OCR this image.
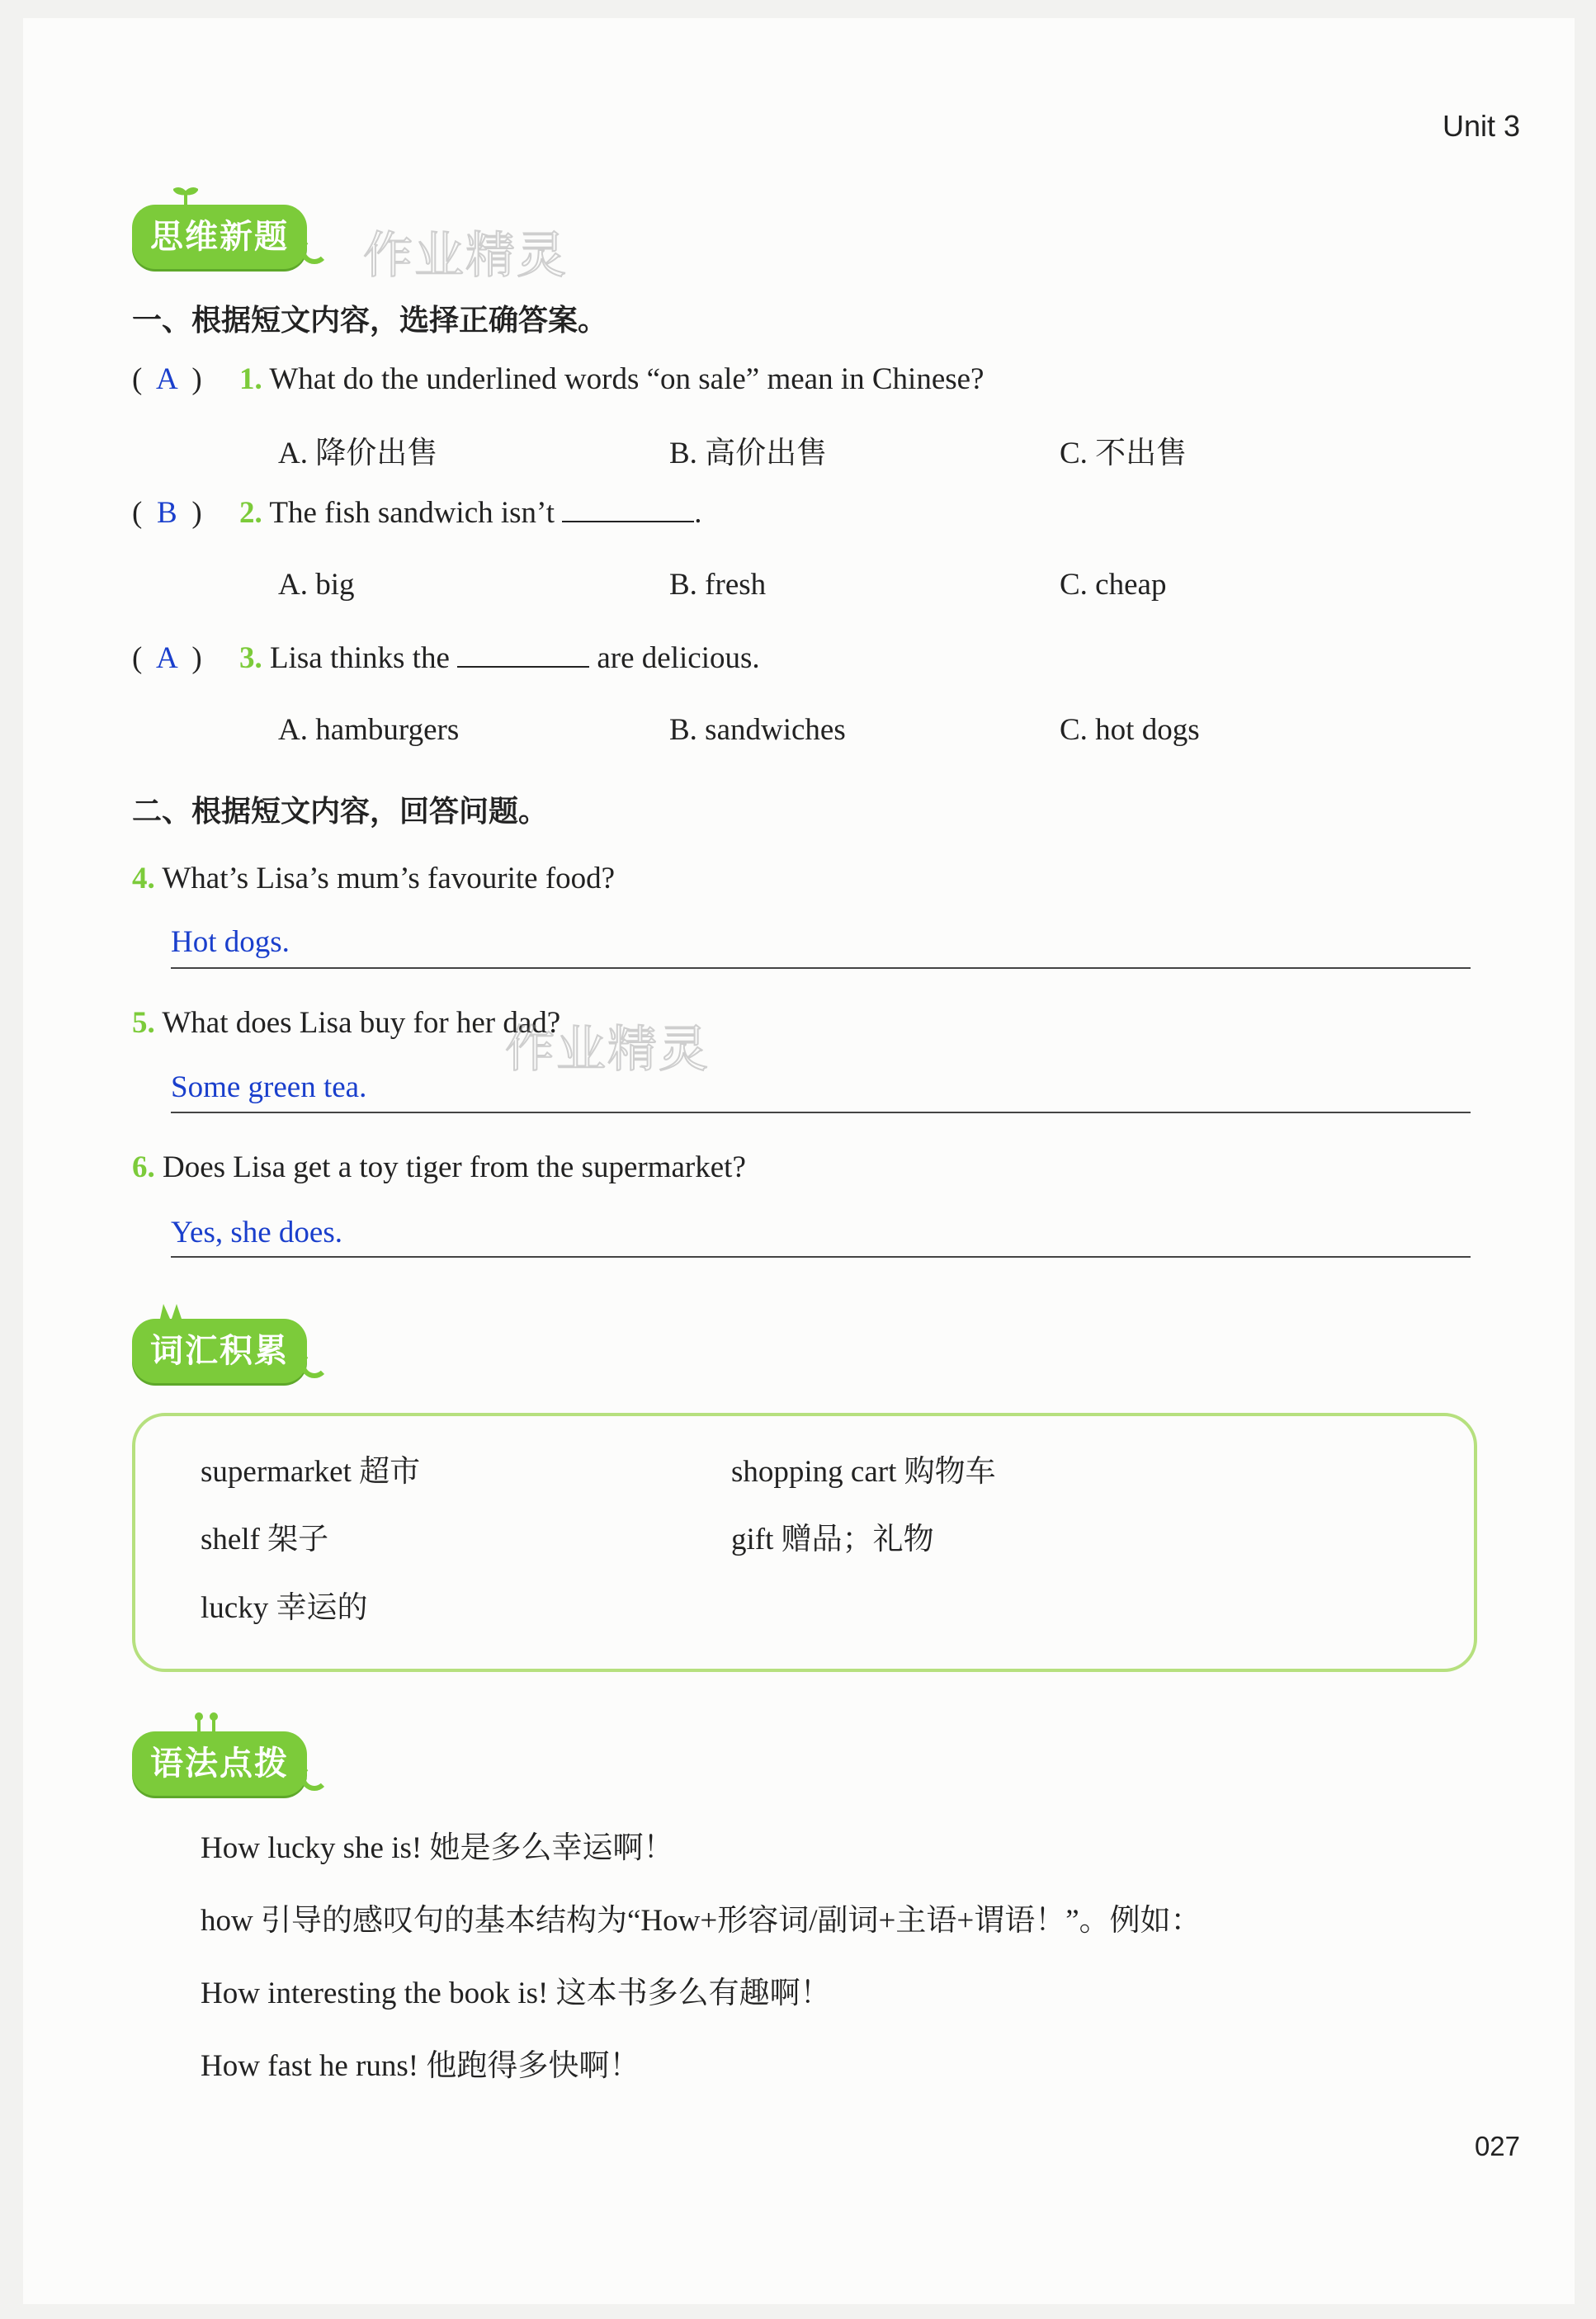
Unit 3
思维新题	作业精灵
一、根据短文内容，选择正确答案。
( A ) 1. What do the underlined words “on sale” mean in Chinese?
A. 降价出售	B. 高价出售	C. 不出售
( B ) 2. The fish sandwich isn’t	.
A. big	B. fresh	C. cheap
( A ) 3. Lisa thinks the	are delicious.
A. hamburgers	B. sandwiches	C. hot dogs
二、根据短文内容，回答问题。
4. What’s Lisa’s mum’s favourite food?
Hot dogs.
5. What does Lisa buy for her dad?
作业精灵
Some green tea.
6. Does Lisa get a toy tiger from the supermarket?
Yes, she does.
词汇积累
supermarket 超市	shopping cart 购物车
shelf 架子	gift 赠品；礼物
lucky 幸运的
语法点拨
How lucky she is! 她是多么幸运啊！
how 引导的感叹句的基本结构为“How+形容词/副词+主语+谓语！”。例如：
How interesting the book is! 这本书多么有趣啊！
How fast he runs! 他跑得多快啊！
027
